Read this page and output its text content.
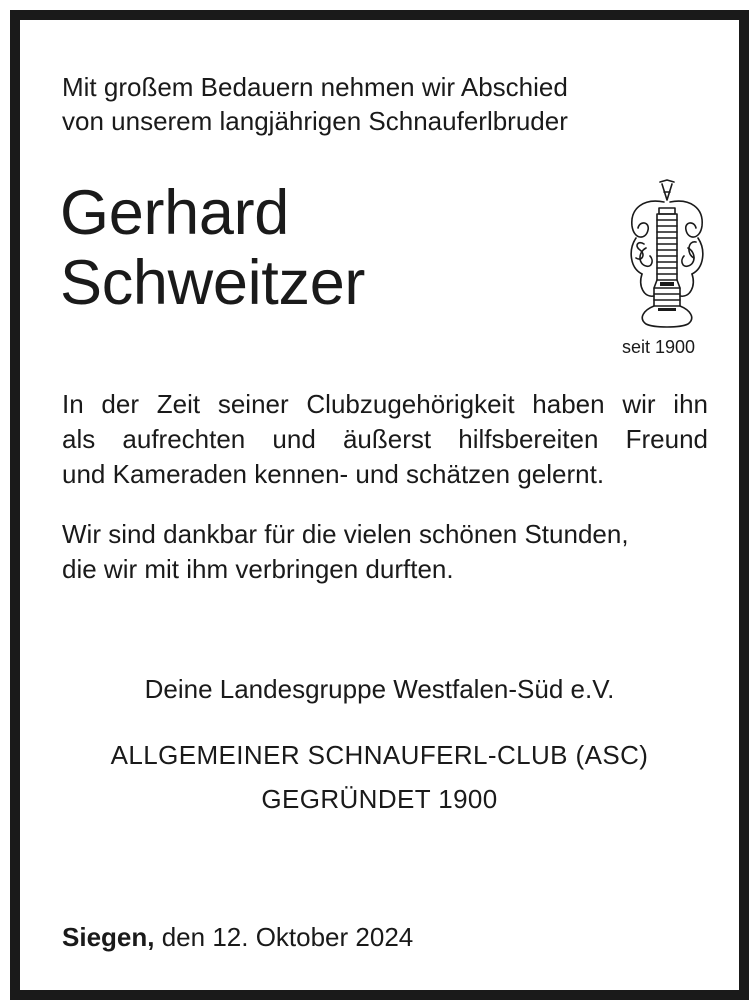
Mit großem Bedauern nehmen wir Abschied
von unserem langjährigen Schnauferlbruder
Gerhard
Schweitzer
seit 1900
In der Zeit seiner Clubzugehörigkeit haben wir ihn
als aufrechten und äußerst hilfsbereiten Freund
und Kameraden kennen- und schätzen gelernt.
Wir sind dankbar für die vielen schönen Stunden,
die wir mit ihm verbringen durften.
Deine Landesgruppe Westfalen-Süd e.V.
ALLGEMEINER SCHNAUFERL-CLUB (ASC)
GEGRÜNDET 1900
Siegen, den 12. Oktober 2024
